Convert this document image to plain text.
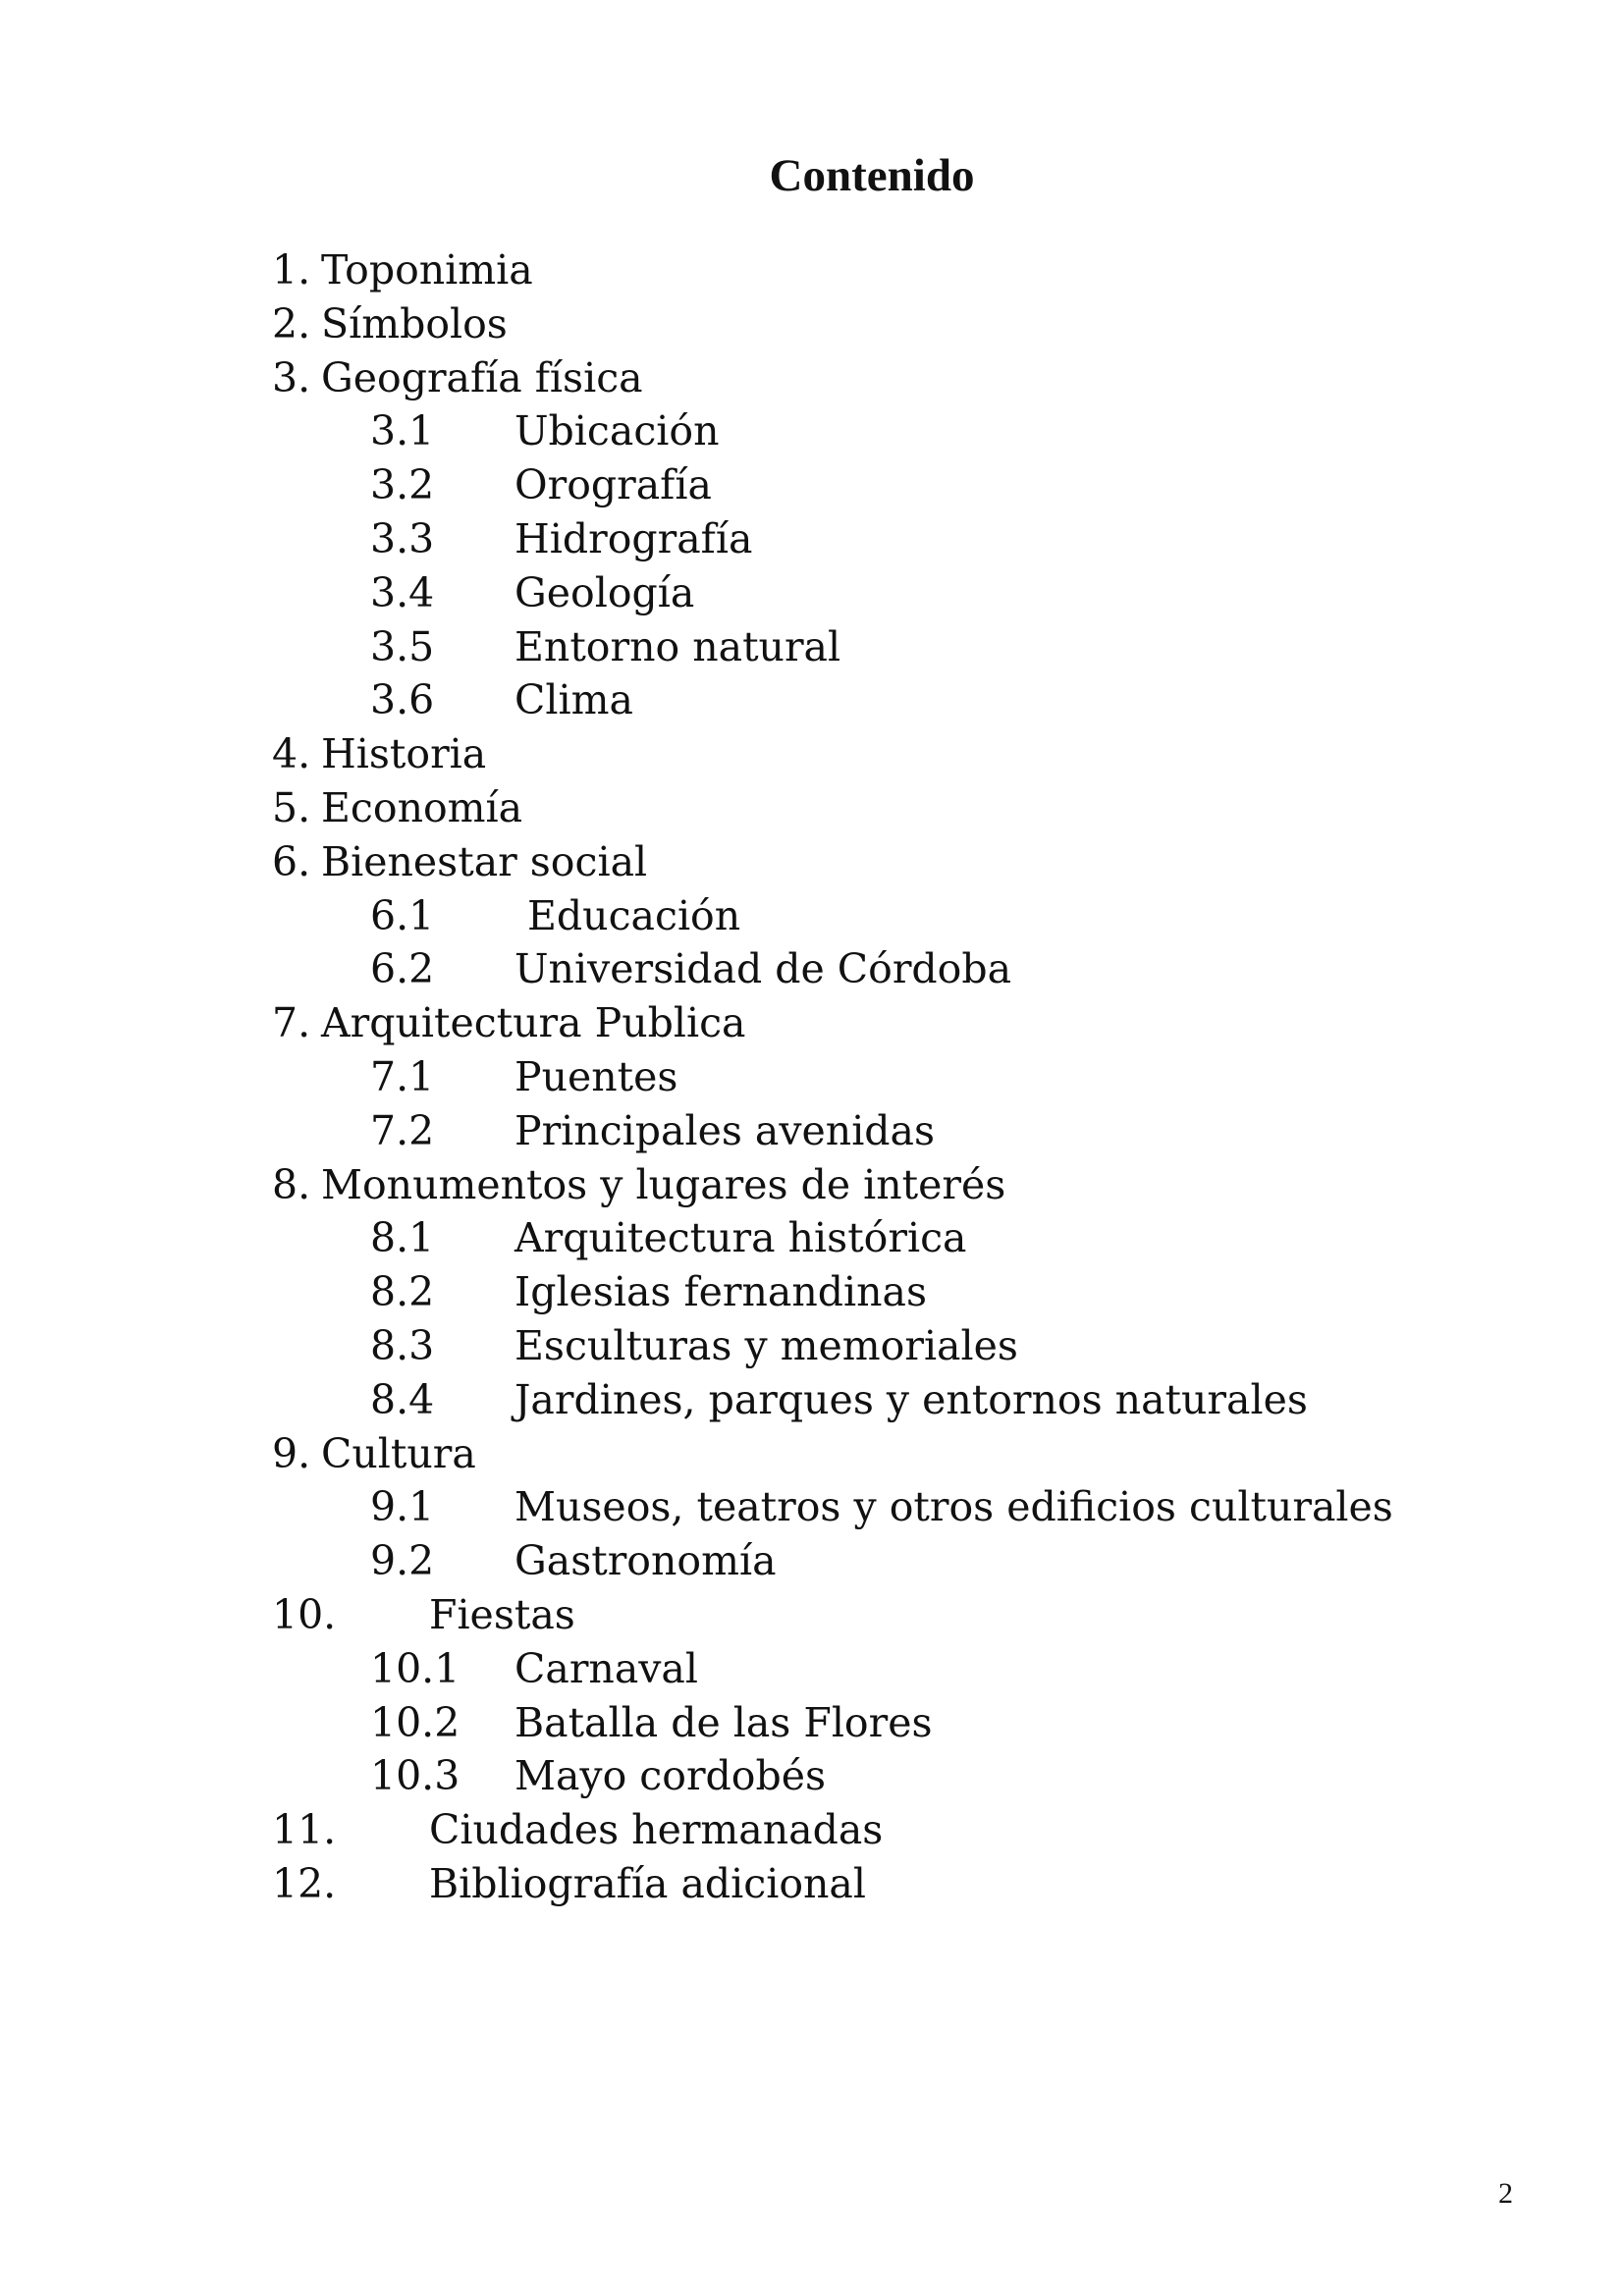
Contenido
1. Toponimia
2. Símbolos
3. Geografía física
3.1 Ubicación
3.2 Orografía
3.3 Hidrografía
3.4 Geología
3.5 Entorno natural
3.6 Clima
4. Historia
5. Economía
6. Bienestar social
6.1 Educación
6.2 Universidad de Córdoba
7. Arquitectura Publica
7.1 Puentes
7.2 Principales avenidas
8. Monumentos y lugares de interés
8.1 Arquitectura histórica
8.2 Iglesias fernandinas
8.3 Esculturas y memoriales
8.4 Jardines, parques y entornos naturales
9. Cultura
9.1 Museos, teatros y otros edificios culturales
9.2 Gastronomía
10. Fiestas
10.1 Carnaval
10.2 Batalla de las Flores
10.3 Mayo cordobés
11. Ciudades hermanadas
12. Bibliografía adicional
2
